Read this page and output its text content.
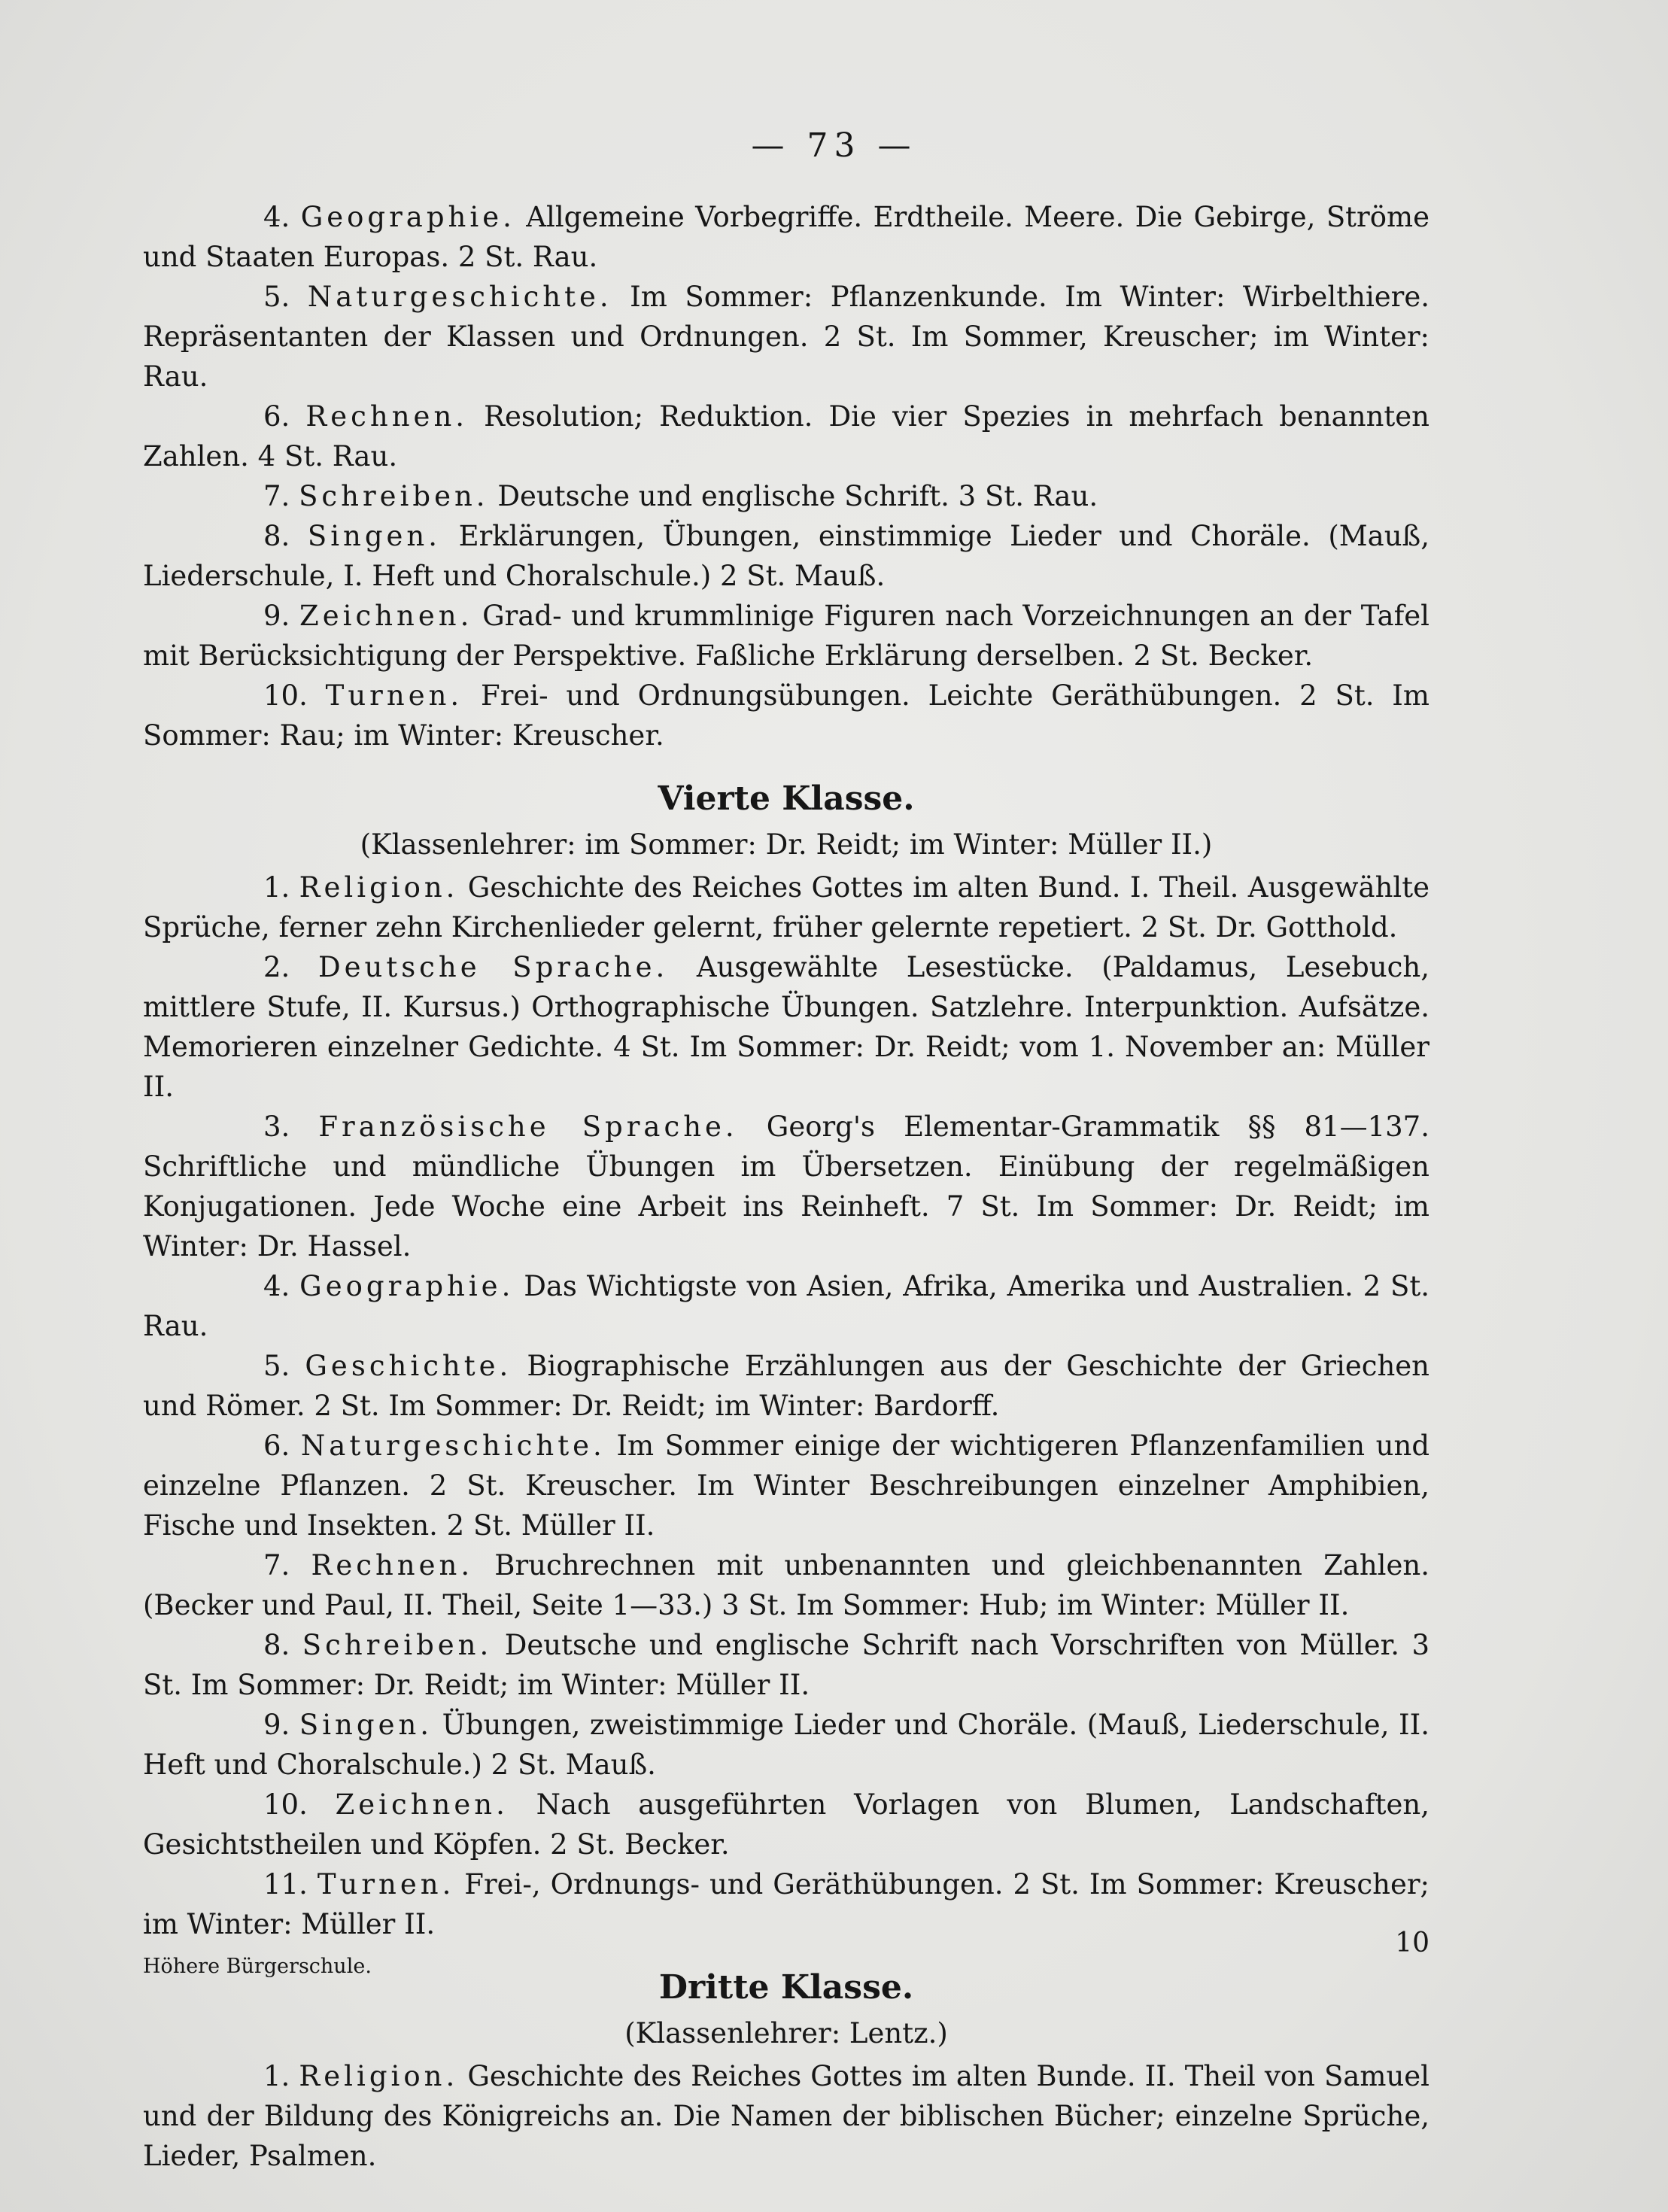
— 73 —

4. Geographie. Allgemeine Vorbegriffe. Erdtheile. Meere. Die Gebirge, Ströme und Staaten Europas. 2 St. Rau.

5. Naturgeschichte. Im Sommer: Pflanzenkunde. Im Winter: Wirbelthiere. Repräsentanten der Klassen und Ordnungen. 2 St. Im Sommer, Kreuscher; im Winter: Rau.

6. Rechnen. Resolution; Reduktion. Die vier Spezies in mehrfach benannten Zahlen. 4 St. Rau.

7. Schreiben. Deutsche und englische Schrift. 3 St. Rau.

8. Singen. Erklärungen, Übungen, einstimmige Lieder und Choräle. (Mauß, Liederschule, I. Heft und Choralschule.) 2 St. Mauß.

9. Zeichnen. Grad- und krummlinige Figuren nach Vorzeichnungen an der Tafel mit Berücksichtigung der Perspektive. Faßliche Erklärung derselben. 2 St. Becker.

10. Turnen. Frei- und Ordnungsübungen. Leichte Geräthübungen. 2 St. Im Sommer: Rau; im Winter: Kreuscher.

Vierte Klasse.

(Klassenlehrer: im Sommer: Dr. Reidt; im Winter: Müller II.)

1. Religion. Geschichte des Reiches Gottes im alten Bund. I. Theil. Ausgewählte Sprüche, ferner zehn Kirchenlieder gelernt, früher gelernte repetiert. 2 St. Dr. Gotthold.

2. Deutsche Sprache. Ausgewählte Lesestücke. (Paldamus, Lesebuch, mittlere Stufe, II. Kursus.) Orthographische Übungen. Satzlehre. Interpunktion. Aufsätze. Memorieren einzelner Gedichte. 4 St. Im Sommer: Dr. Reidt; vom 1. November an: Müller II.

3. Französische Sprache. Georg's Elementar-Grammatik §§ 81—137. Schriftliche und mündliche Übungen im Übersetzen. Einübung der regelmäßigen Konjugationen. Jede Woche eine Arbeit ins Reinheft. 7 St. Im Sommer: Dr. Reidt; im Winter: Dr. Hassel.

4. Geographie. Das Wichtigste von Asien, Afrika, Amerika und Australien. 2 St. Rau.

5. Geschichte. Biographische Erzählungen aus der Geschichte der Griechen und Römer. 2 St. Im Sommer: Dr. Reidt; im Winter: Bardorff.

6. Naturgeschichte. Im Sommer einige der wichtigeren Pflanzenfamilien und einzelne Pflanzen. 2 St. Kreuscher. Im Winter Beschreibungen einzelner Amphibien, Fische und Insekten. 2 St. Müller II.

7. Rechnen. Bruchrechnen mit unbenannten und gleichbenannten Zahlen. (Becker und Paul, II. Theil, Seite 1—33.) 3 St. Im Sommer: Hub; im Winter: Müller II.

8. Schreiben. Deutsche und englische Schrift nach Vorschriften von Müller. 3 St. Im Sommer: Dr. Reidt; im Winter: Müller II.

9. Singen. Übungen, zweistimmige Lieder und Choräle. (Mauß, Liederschule, II. Heft und Choralschule.) 2 St. Mauß.

10. Zeichnen. Nach ausgeführten Vorlagen von Blumen, Landschaften, Gesichtstheilen und Köpfen. 2 St. Becker.

11. Turnen. Frei-, Ordnungs- und Geräthübungen. 2 St. Im Sommer: Kreuscher; im Winter: Müller II.

Dritte Klasse.

(Klassenlehrer: Lentz.)

1. Religion. Geschichte des Reiches Gottes im alten Bunde. II. Theil von Samuel und der Bildung des Königreichs an. Die Namen der biblischen Bücher; einzelne Sprüche, Lieder, Psalmen.

Höhere Bürgerschule.
10
